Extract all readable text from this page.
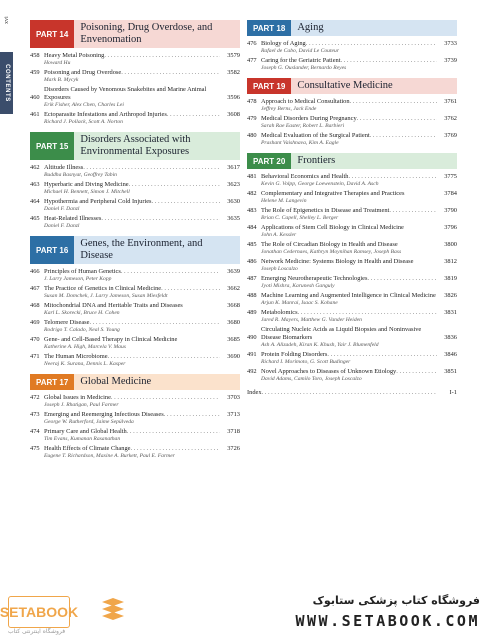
xvi
CONTENTS
PART 14
Poisoning, Drug Overdose, and Envenomation
458 Heavy Metal Poisoning . . .	3579
Howard Hu
459 Poisoning and Drug Overdose . . .	3582
Mark B. Mycyk
460
Disorders Caused by Venomous Snakebites and Marine Animal Exposures	3596
Erik Fisher, Alex Chen, Charles Lei
461 Ectoparasite Infestations and Arthropod Injuries . . .	3608
Richard J. Pollack, Scott A. Norton
PART 15
Disorders Associated with Environmental Exposures
462 Altitude Illness . . .	3617
Buddha Basnyat, Geoffrey Tabin
463 Hyperbaric and Diving Medicine . . .	3623
Michael H. Bennett, Simon J. Mitchell
464 Hypothermia and Peripheral Cold Injuries . . .	3630
Daniel F. Danzl
465 Heat-Related Illnesses . . .	3635
Daniel F. Danzl
PART 16
Genes, the Environment, and Disease
466 Principles of Human Genetics . . .	3639
J. Larry Jameson, Peter Kopp
467 The Practice of Genetics in Clinical Medicine . . .	3662
Susan M. Domchek, J. Larry Jameson, Susan Miesfeldt
468 Mitochondrial DNA and Heritable Traits and Diseases	3668
Karl L. Skorecki, Bruce H. Cohen
469 Telomere Disease . . .	3680
Rodrigo T. Calado, Neal S. Young
470 Gene- and Cell-Based Therapy in Clinical Medicine	3685
Katherine A. High, Marcela V. Maus
471 The Human Microbiome . . .	3690
Neeraj K. Surana, Dennis L. Kasper
PART 17	Global Medicine
472 Global Issues in Medicine . . .	3703
Joseph J. Rhatigan, Paul Farmer
473 Emerging and Reemerging Infectious Diseases . . .	3713
George W. Rutherford, Jaime Sepúlveda
474 Primary Care and Global Health . . .	3718
Tim Evans, Kumanan Rasanathan
475 Health Effects of Climate Change . . .	3726
Eugene T. Richardson, Maxine A. Burkett, Paul E. Farmer
PART 18	Aging
476 Biology of Aging . . .	3733
Rafael de Cabo, David Le Couteur
477 Caring for the Geriatric Patient . . .	3739
Joseph G. Ouslander, Bernardo Reyes
PART 19	Consultative Medicine
478 Approach to Medical Consultation . . .	3761
Jeffrey Berns, Jack Ende
479 Medical Disorders During Pregnancy . . .	3762
Sarah Rae Easter, Robert L. Barbieri
480 Medical Evaluation of the Surgical Patient . . .	3769
Prashant Vaishnava, Kim A. Eagle
PART 20	Frontiers
481 Behavioral Economics and Health . . .	3775
Kevin G. Volpp, George Loewenstein, David A. Asch
482 Complementary and Integrative Therapies and Practices	3784
Helene M. Langevin
483 The Role of Epigenetics in Disease and Treatment . . .	3790
Brian C. Capell, Shelley L. Berger
484 Applications of Stem Cell Biology in Clinical Medicine	3796
John A. Kessler
485 The Role of Circadian Biology in Health and Disease	3800
Jonathan Cedernaes, Kathryn Moynihan Ramsey, Joseph Bass
486 Network Medicine: Systems Biology in Health and Disease	3812
Joseph Loscalzo
487 Emerging Neurotherapeutic Technologies . . .	3819
Jyoti Mishra, Karunesh Ganguly
488 Machine Learning and Augmented Intelligence in Clinical Medicine	3826
Arjun K. Manrai, Isaac S. Kohane
489 Metabolomics . . .	3831
Jared R. Mayers, Matthew G. Vander Heiden
490
Circulating Nucleic Acids as Liquid Biopsies and Noninvasive Disease Biomarkers	3836
Ash A. Alizadeh, Kiran K. Khush, Yair J. Blumenfeld
491 Protein Folding Disorders . . .	3846
Richard I. Morimoto, G. Scott Budinger
492 Novel Approaches to Diseases of Unknown Etiology . . .	3851
David Adams, Camilo Toro, Joseph Loscalzo
Index . . .	I-1
SETABOOK
فروشگاه اینترنتی کتاب
فروشگاه کتاب پزشکی ستابوک
WWW.SETABOOK.COM
